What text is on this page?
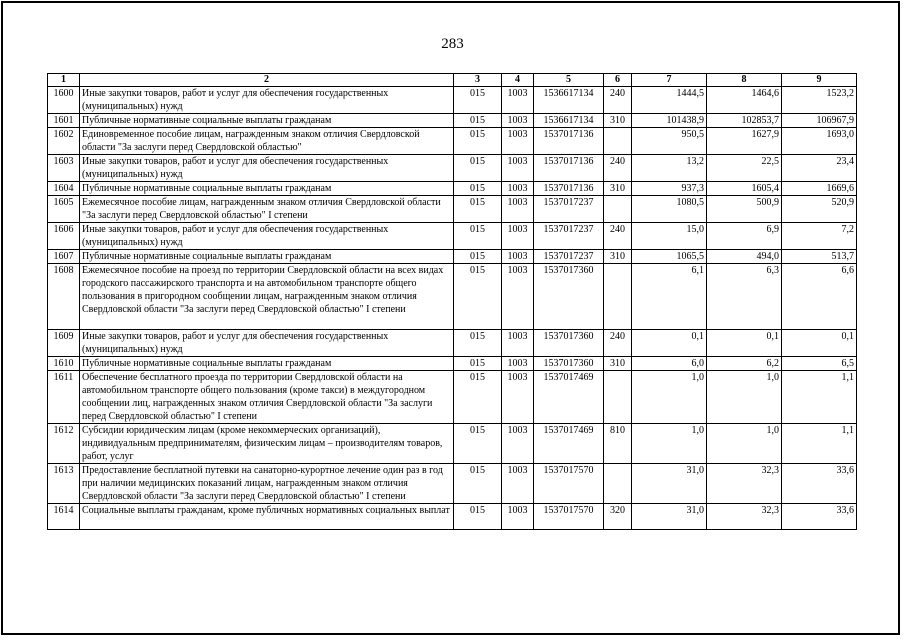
283
1	2	3	4	5	6	7	8	9
1600	Иные закупки товаров, работ и услуг для обеспечения государственных (муниципальных) нужд	015	1003	1536617134	240	1444,5	1464,6	1523,2
1601	Публичные нормативные социальные выплаты гражданам	015	1003	1536617134	310	101438,9	102853,7	106967,9
1602	Единовременное пособие лицам, награжденным знаком отличия Свердловской области "За заслуги перед Свердловской областью"	015	1003	1537017136		950,5	1627,9	1693,0
1603	Иные закупки товаров, работ и услуг для обеспечения государственных (муниципальных) нужд	015	1003	1537017136	240	13,2	22,5	23,4
1604	Публичные нормативные социальные выплаты гражданам	015	1003	1537017136	310	937,3	1605,4	1669,6
1605	Ежемесячное пособие лицам, награжденным знаком отличия Свердловской области "За заслуги перед Свердловской областью" I степени	015	1003	1537017237		1080,5	500,9	520,9
1606	Иные закупки товаров, работ и услуг для обеспечения государственных (муниципальных) нужд	015	1003	1537017237	240	15,0	6,9	7,2
1607	Публичные нормативные социальные выплаты гражданам	015	1003	1537017237	310	1065,5	494,0	513,7
1608	Ежемесячное пособие на проезд по территории Свердловской области на всех видах городского пассажирского транспорта и на автомобильном транспорте общего пользования в пригородном сообщении лицам, награжденным знаком отличия Свердловской области "За заслуги перед Свердловской областью" I степени	015	1003	1537017360		6,1	6,3	6,6
1609	Иные закупки товаров, работ и услуг для обеспечения государственных (муниципальных) нужд	015	1003	1537017360	240	0,1	0,1	0,1
1610	Публичные нормативные социальные выплаты гражданам	015	1003	1537017360	310	6,0	6,2	6,5
1611	Обеспечение бесплатного проезда по территории Свердловской области на автомобильном транспорте общего пользования (кроме такси) в междугородном сообщении лиц, награжденных знаком отличия Свердловской области "За заслуги перед Свердловской областью" I степени	015	1003	1537017469		1,0	1,0	1,1
1612	Субсидии юридическим лицам (кроме некоммерческих организаций), индивидуальным предпринимателям, физическим лицам – производителям товаров, работ, услуг	015	1003	1537017469	810	1,0	1,0	1,1
1613	Предоставление бесплатной путевки на санаторно-курортное лечение один раз в год при наличии медицинских показаний лицам, награжденным знаком отличия Свердловской области "За заслуги перед Свердловской областью" I степени	015	1003	1537017570		31,0	32,3	33,6
1614	Социальные выплаты гражданам, кроме публичных нормативных социальных выплат	015	1003	1537017570	320	31,0	32,3	33,6
